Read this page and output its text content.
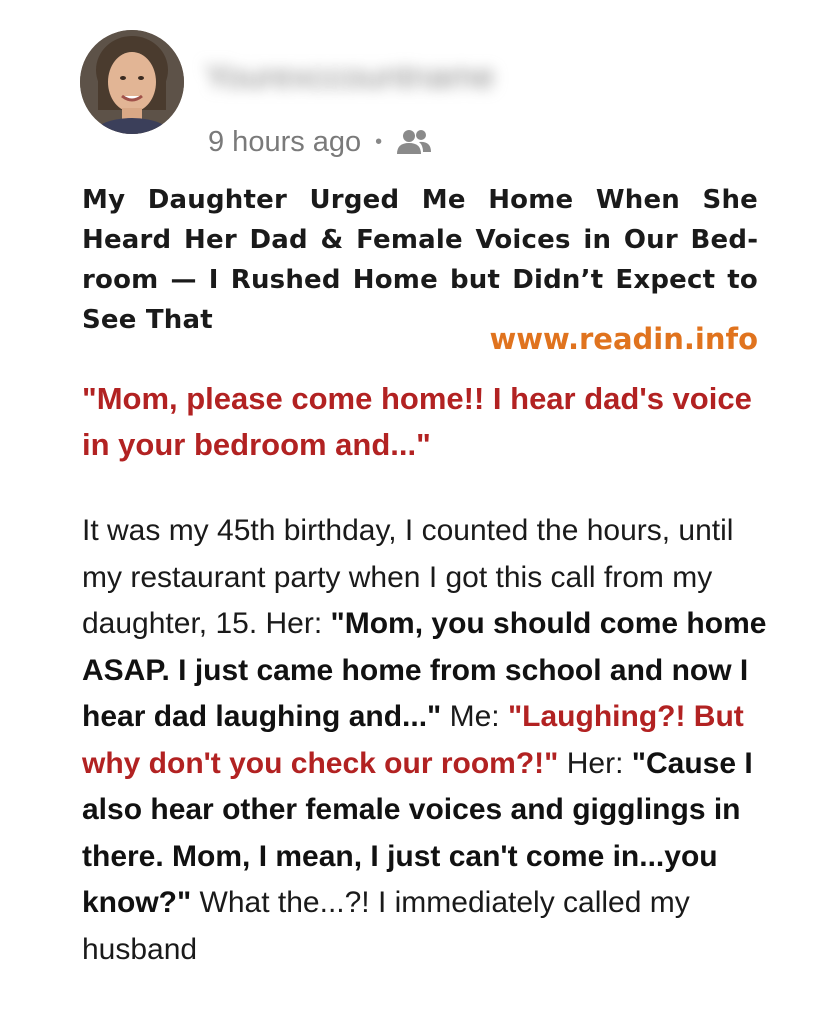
Yourexccountname
9 hours ago •
My Daughter Urged Me Home When She Heard Her Dad & Female Voices in Our Bedroom — I Rushed Home but Didn’t Expect to See That
www.readin.info

"Mom, please come home!! I hear dad's voice in your bedroom and..."

It was my 45th birthday, I counted the hours, until my restaurant party when I got this call from my daughter, 15. Her: "Mom, you should come home ASAP. I just came home from school and now I hear dad laughing and..." Me: "Laughing?! But why don't you check our room?!" Her: "Cause I also hear other female voices and gigglings in there. Mom, I mean, I just can't come in...you know?" What the...?! I immediately called my husband
